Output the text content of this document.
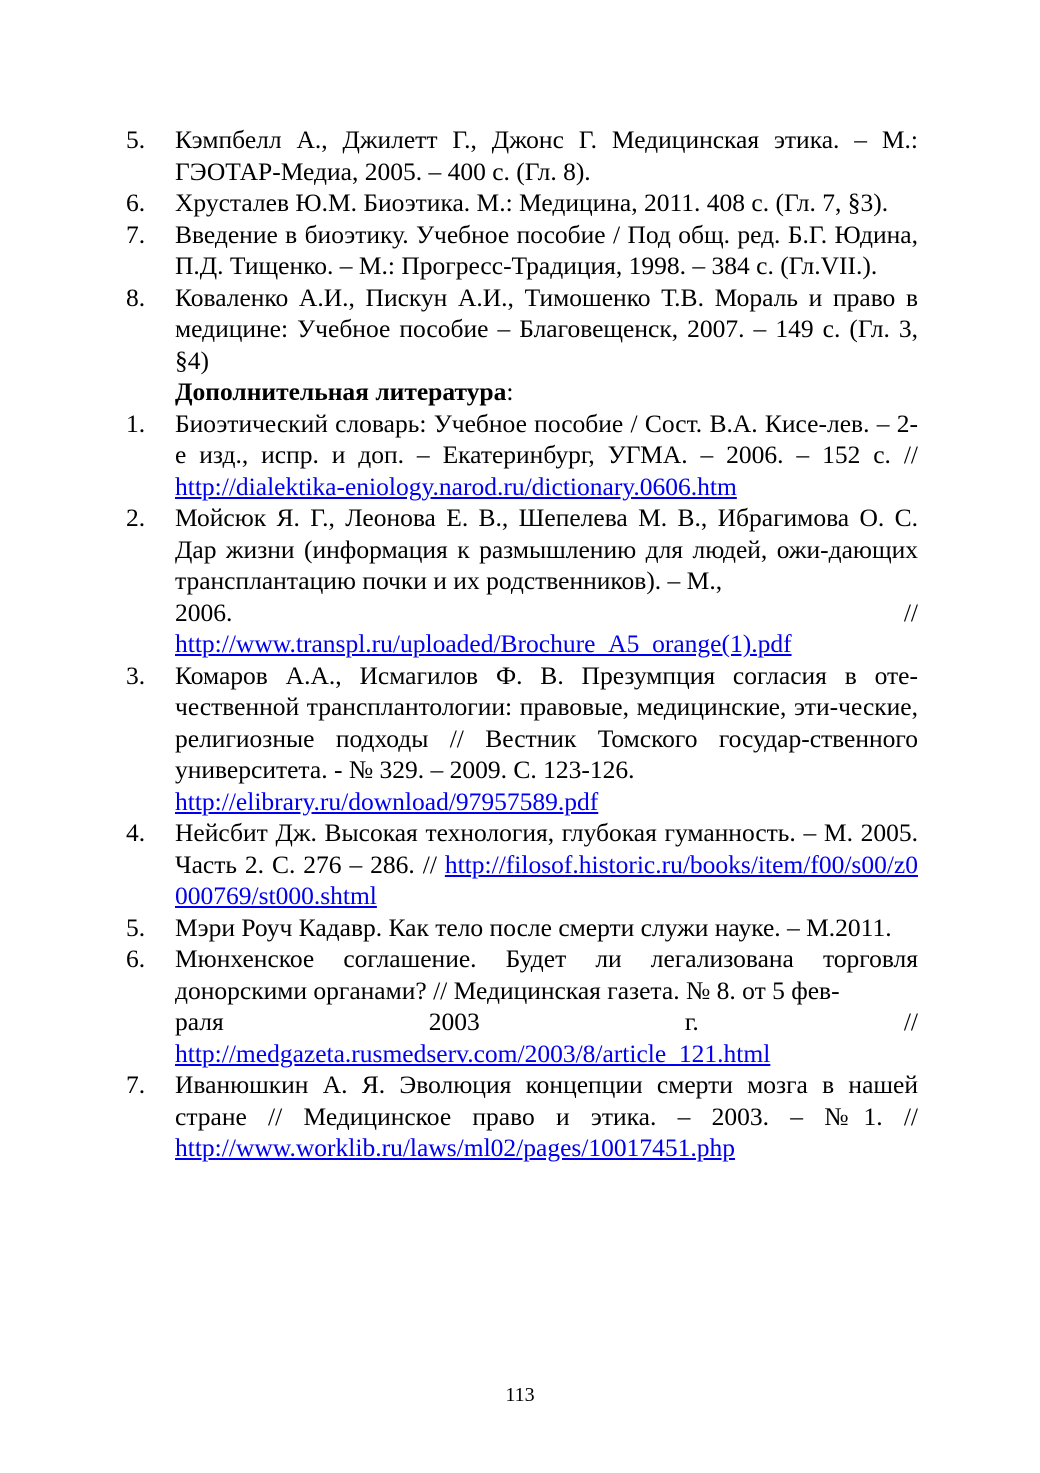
5.	Кэмпбелл А., Джилетт Г., Джонс Г. Медицинская этика. – М.: ГЭОТАР-Медиа, 2005. – 400 с. (Гл. 8).
6.	Хрусталев Ю.М. Биоэтика. М.: Медицина, 2011. 408 с. (Гл. 7, §3).
7.	Введение в биоэтику. Учебное пособие / Под общ. ред. Б.Г. Юдина, П.Д. Тищенко. – М.: Прогресс-Традиция, 1998. – 384 с. (Гл.VII.).
8.	Коваленко А.И., Пискун А.И., Тимошенко Т.В. Мораль и право в медицине: Учебное пособие – Благовещенск, 2007. – 149 с. (Гл. 3, §4)
Дополнительная литература:
1.	Биоэтический словарь: Учебное пособие / Сост. В.А. Кисе-лев. – 2-е изд., испр. и доп. – Екатеринбург, УГМА. – 2006. – 152 с. // http://dialektika-eniology.narod.ru/dictionary.0606.htm
2.	Мойсюк Я. Г., Леонова Е. В., Шепелева М. В., Ибрагимова О. С. Дар жизни (информация к размышлению для людей, ожи-дающих трансплантацию почки и их родственников). – М.,
2006.	//
http://www.transpl.ru/uploaded/Brochure_A5_orange(1).pdf
3.	Комаров А.А., Исмагилов Ф. В. Презумпция согласия в оте-чественной трансплантологии: правовые, медицинские, эти-ческие, религиозные подходы // Вестник Томского государ-ственного университета. - № 329. – 2009. С. 123-126.
http://elibrary.ru/download/97957589.pdf
4.	Нейсбит Дж. Высокая технология, глубокая гуманность. – М. 2005. Часть 2. С. 276 – 286. // http://filosof.historic.ru/books/item/f00/s00/z0000769/st000.shtml
5.	Мэри Роуч Кадавр. Как тело после смерти служи науке. – М.2011.
6.	Мюнхенское соглашение. Будет ли легализована торговля донорскими органами? // Медицинская газета. № 8. от 5 фев-
раля	2003	г.	//
http://medgazeta.rusmedserv.com/2003/8/article_121.html
7.	Иванюшкин А. Я. Эволюция концепции смерти мозга в нашей стране // Медицинское право и этика. – 2003. – №1. // http://www.worklib.ru/laws/ml02/pages/10017451.php
113
